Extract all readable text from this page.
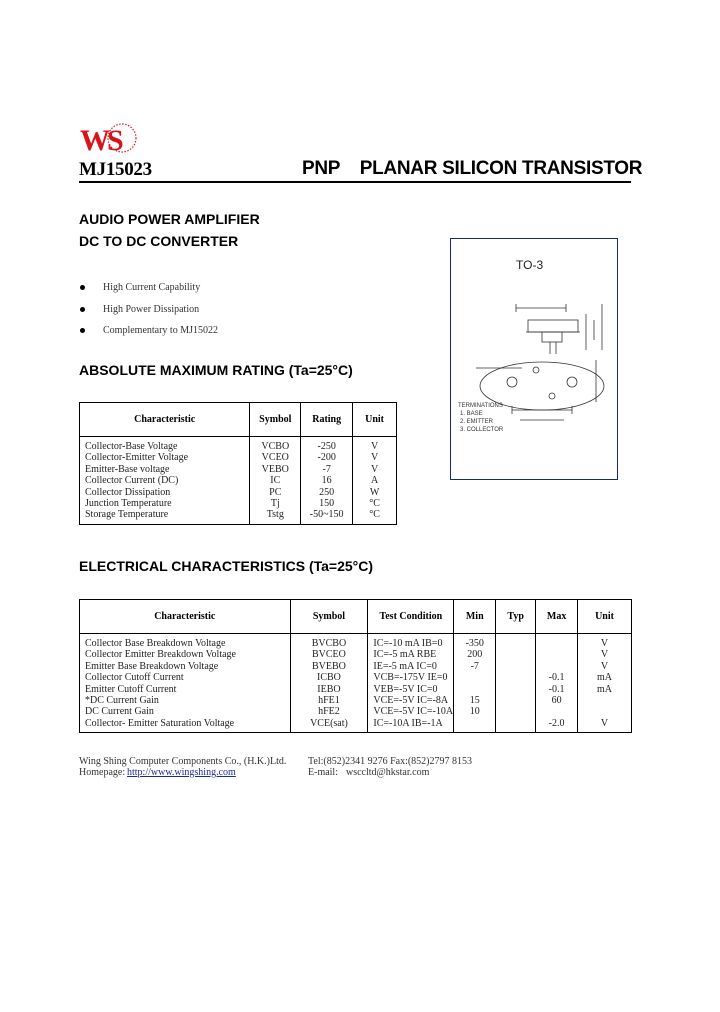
WS
MJ15023	PNP PLANAR SILICON TRANSISTOR
AUDIO POWER AMPLIFIER
DC TO DC CONVERTER
High Current Capability
High Power Dissipation
Complementary to MJ15022
TO-3
TERMINATIONS
1. BASE
2. EMITTER
3. COLLECTOR
ABSOLUTE MAXIMUM RATING (Ta=25°C)
Characteristic	Symbol	Rating	Unit
Collector-Base Voltage	VCBO	-250	V
Collector-Emitter Voltage	VCEO	-200	V
Emitter-Base voltage	VEBO	-7	V
Collector Current (DC)	IC	16	A
Collector Dissipation	PC	250	W
Junction Temperature	Tj	150	°C
Storage Temperature	Tstg	-50~150	°C
ELECTRICAL CHARACTERISTICS (Ta=25°C)
Characteristic	Symbol	Test Condition	Min	Typ	Max	Unit
Collector Base Breakdown Voltage	BVCBO	IC=-10 mA IB=0	-350			V
Collector Emitter Breakdown Voltage	BVCEO	IC=-5 mA RBE	200			V
Emitter Base Breakdown Voltage	BVEBO	IE=-5 mA IC=0	-7			V
Collector Cutoff Current	ICBO	VCB=-175V IE=0			-0.1	mA
Emitter Cutoff Current	IEBO	VEB=-5V IC=0			-0.1	mA
*DC Current Gain	hFE1	VCE=-5V IC=-8A	15		60	
DC Current Gain	hFE2	VCE=-5V IC=-10A	10			
Collector- Emitter Saturation Voltage	VCE(sat)	IC=-10A IB=-1A			-2.0	V
Wing Shing Computer Components Co., (H.K.)Ltd.
Homepage: http://www.wingshing.com
Tel:(852)2341 9276 Fax:(852)2797 8153
E-mail: wsccltd@hkstar.com
